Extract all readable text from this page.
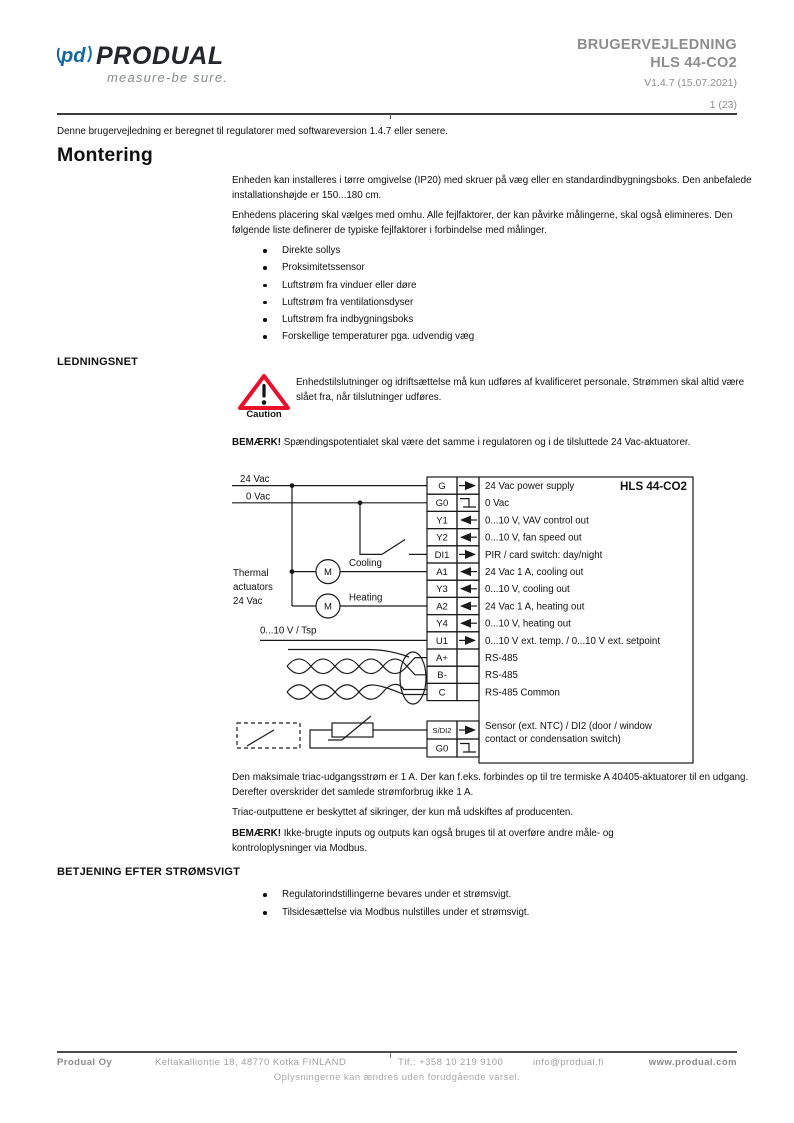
pd PRODUAL
measure-be sure.
BRUGERVEJLEDNING
HLS 44-CO2
V1.4.7 (15.07.2021)
1 (23)

Denne brugervejledning er beregnet til regulatorer med softwareversion 1.4.7 eller senere.

Montering

Enheden kan installeres i tørre omgivelse (IP20) med skruer på væg eller en standardindbygningsboks. Den anbefalede installationshøjde er 150...180 cm.

Enhedens placering skal vælges med omhu. Alle fejlfaktorer, der kan påvirke målingerne, skal også elimineres. Den følgende liste definerer de typiske fejlfaktorer i forbindelse med målinger.

Direkte sollys
Proksimitetssensor
Luftstrøm fra vinduer eller døre
Luftstrøm fra ventilationsdyser
Luftstrøm fra indbygningsboks
Forskellige temperaturer pga. udvendig væg
LEDNINGSNET
Caution

Enhedstilslutninger og idriftsættelse må kun udføres af kvalificeret personale. Strømmen skal altid være slået fra, når tilslutninger udføres.

BEMÆRK! Spændingspotentialet skal være det samme i regulatoren og i de tilsluttede 24 Vac-aktuatorer.

HLS 44-CO2
24 Vac
0 Vac
Thermal
actuators
24 Vac
M
Cooling
M
Heating
0...10 V / Tsp
G	24 Vac power supply
G0	0 Vac
Y1	0...10 V, VAV control out
Y2	0...10 V, fan speed out
DI1	PIR / card switch: day/night
A1	24 Vac 1 A, cooling out
Y3	0...10 V, cooling out
A2	24 Vac 1 A, heating out
Y4	0...10 V, heating out
U1	0...10 V ext. temp. / 0...10 V ext. setpoint
A+	RS-485
B-	RS-485
C	RS-485 Common
S/DI2	Sensor (ext. NTC) / DI2 (door / window
contact or condensation switch)
G0

Den maksimale triac-udgangsstrøm er 1 A. Der kan f.eks. forbindes op til tre termiske A 40405-aktuatorer til en udgang. Derefter overskrider det samlede strømforbrug ikke 1 A.

Triac-outputtene er beskyttet af sikringer, der kun må udskiftes af producenten.

BEMÆRK! Ikke-brugte inputs og outputs kan også bruges til at overføre andre måle- og kontroloplysninger via Modbus.

BETJENING EFTER STRØMSVIGT
Regulatorindstillingerne bevares under et strømsvigt.
Tilsidesættelse via Modbus nulstilles under et strømsvigt.
Produal Oy	Keltakalliontie 18, 48770 Kotka FINLAND	Tlf.: +358 10 219 9100	info@produal.fi	www.produal.com
Oplysningerne kan ændres uden forudgående varsel.
